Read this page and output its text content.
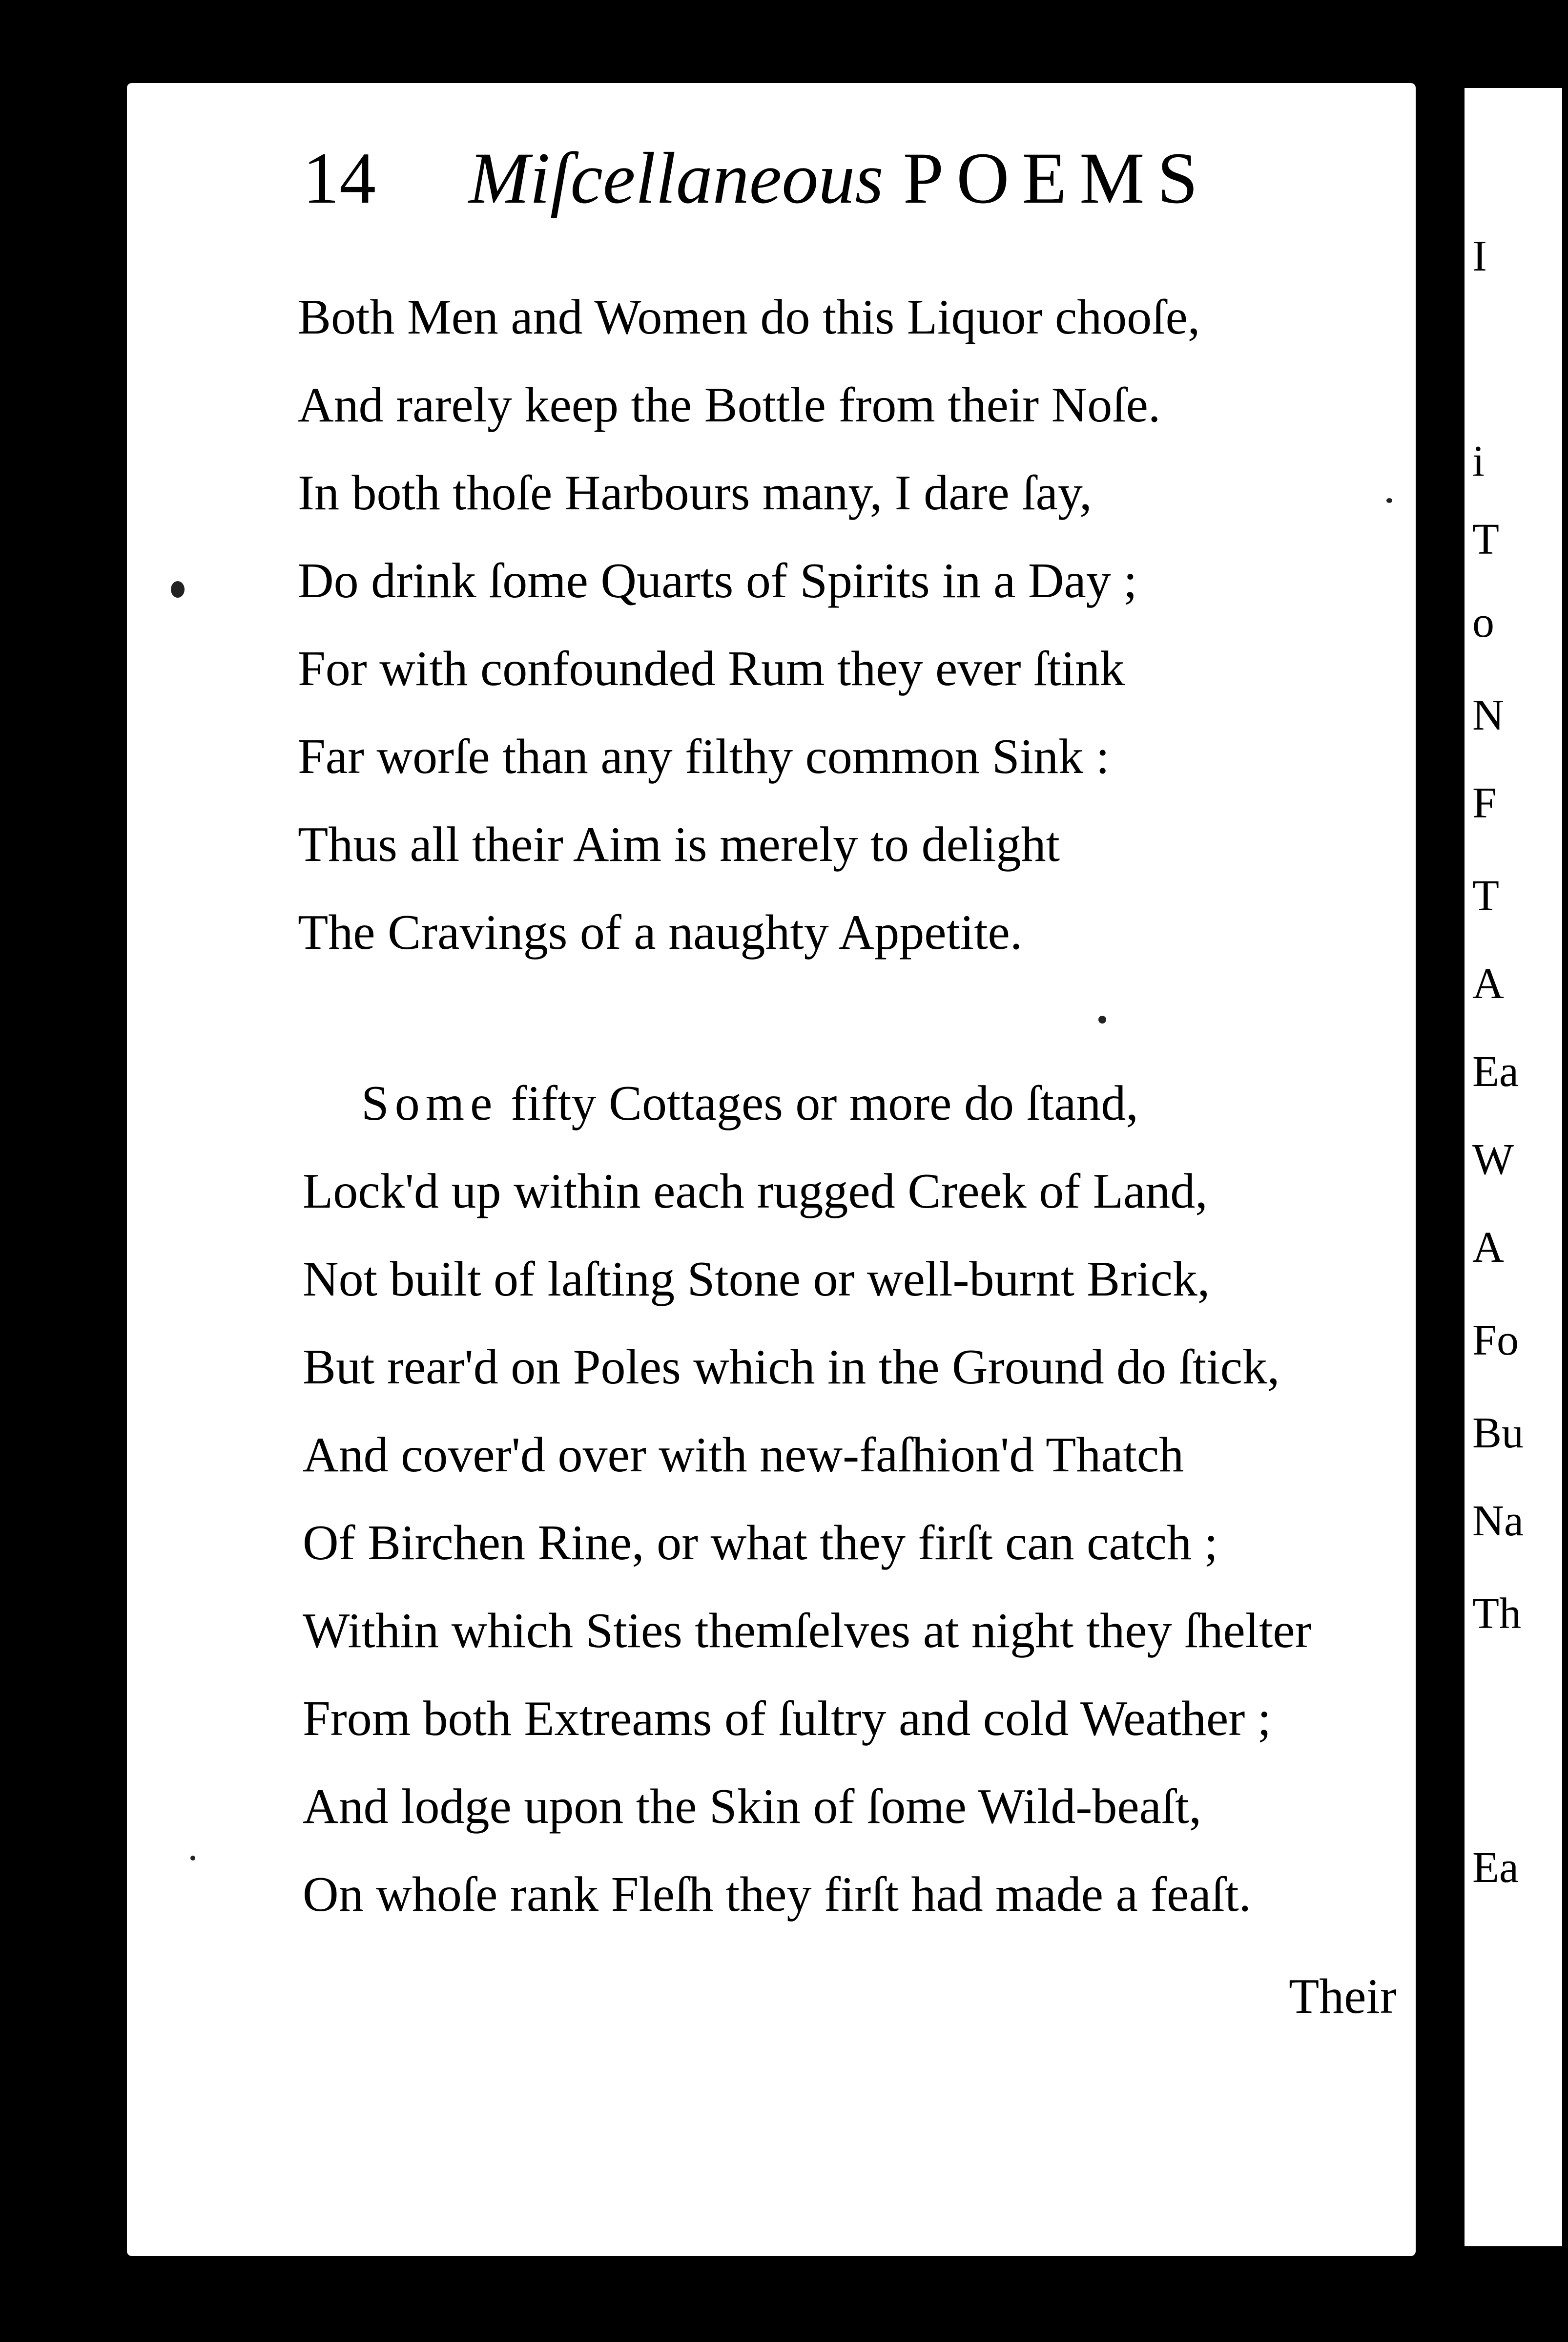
I
i
T
o
N
F
T
A
Ea
W
A
Fo
Bu
Na
Th
Ea
14 Miſcellaneous POEMS
Both Men and Women do this Liquor chooſe,
And rarely keep the Bottle from their Noſe.
In both thoſe Harbours many, I dare ſay,
Do drink ſome Quarts of Spirits in a Day ;
For with confounded Rum they ever ſtink
Far worſe than any filthy common Sink :
Thus all their Aim is merely to delight
The Cravings of a naughty Appetite.
Some fifty Cottages or more do ſtand,
Lock'd up within each rugged Creek of Land,
Not built of laſting Stone or well-burnt Brick,
But rear'd on Poles which in the Ground do ſtick,
And cover'd over with new-faſhion'd Thatch
Of Birchen Rine, or what they firſt can catch ;
Within which Sties themſelves at night they ſhelter
From both Extreams of ſultry and cold Weather ;
And lodge upon the Skin of ſome Wild-beaſt,
On whoſe rank Fleſh they firſt had made a feaſt.
Their
